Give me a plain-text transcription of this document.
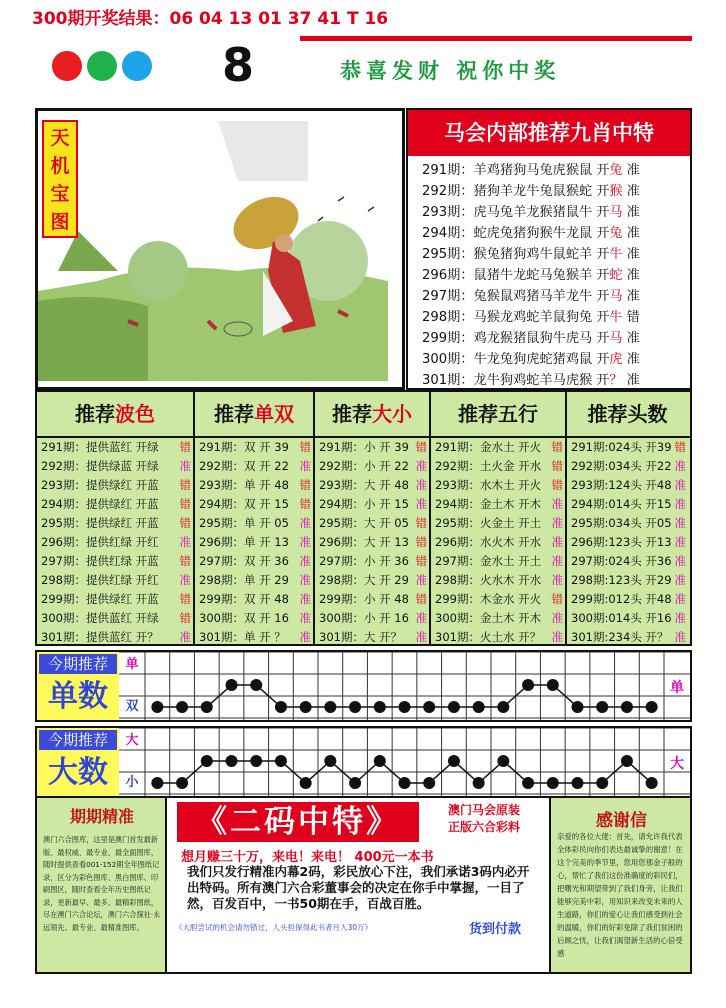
300期开奖结果：06 04 13 01 37 41 T 16
8	恭喜发财 祝你中奖
天机宝图
马会内部推荐九肖中特
291期：羊鸡猪狗马兔虎猴鼠 开兔 准
292期：猪狗羊龙牛兔鼠猴蛇 开猴 准
293期：虎马兔羊龙猴猪鼠牛 开马 准
294期：蛇虎兔猪狗猴牛龙鼠 开兔 准
295期：猴兔猪狗鸡牛鼠蛇羊 开牛 准
296期：鼠猪牛龙蛇马兔猴羊 开蛇 准
297期：兔猴鼠鸡猪马羊龙牛 开马 准
298期：马猴龙鸡蛇羊鼠狗兔 开牛 错
299期：鸡龙猴猪鼠狗牛虎马 开马 准
300期：牛龙兔狗虎蛇猪鸡鼠 开虎 准
301期：龙牛狗鸡蛇羊马虎猴 开？ 准
推荐波色
291期：提供蓝红 开绿 错
292期：提供绿蓝 开绿 准
293期：提供绿红 开蓝 错
294期：提供绿红 开蓝 错
295期：提供绿红 开蓝 错
296期：提供红绿 开红 准
297期：提供红绿 开蓝 错
298期：提供红绿 开红 准
299期：提供绿红 开蓝 错
300期：提供蓝红 开绿 错
301期：提供蓝红 开？ 准
推荐单双
291期：双 开 39 错
292期：双 开 22 准
293期：单 开 48 错
294期：双 开 15 错
295期：单 开 05 准
296期：单 开 13 准
297期：双 开 36 准
298期：单 开 29 准
299期：双 开 48 准
300期：双 开 16 准
301期：单 开 ？ 准
推荐大小
291期：小 开 39 错
292期：小 开 22 准
293期：大 开 48 准
294期：小 开 15 准
295期：大 开 05 错
296期：大 开 13 错
297期：小 开 36 错
298期：大 开 29 准
299期：小 开 48 错
300期：小 开 16 准
301期：大 开？ 准
推荐五行
291期：金水土 开火 错
292期：土火金 开水 错
293期：水木土 开火 错
294期：金土木 开木 准
295期：火金土 开土 准
296期：水火木 开水 准
297期：金水土 开土 准
298期：火水木 开水 准
299期：木金水 开火 错
300期：金土木 开木 准
301期：火土水 开？ 准
推荐头数
291期:024头 开39 错
292期:034头 开22 准
293期:124头 开48 准
294期:014头 开15 准
295期:034头 开05 准
296期:123头 开13 准
297期:024头 开36 准
298期:123头 开29 准
299期:012头 开48 准
300期:014头 开16 准
301期:234头 开？ 准
今期推荐
单数
单
双
单
今期推荐
大数
大
小
大
期期精准
澳门六合图库，这里是澳门首发最新版、最权威、最专业、最全面图库，随时提供查看001-152期全年图纸记录，区分为彩色图库、黑白图库、印刷图区，随时查看全年历史图纸记录，更新最早、最多、最精彩图纸，尽在澳门六合论坛，澳门六合探社·永远领先、最专业、最精准图库。
《二码中特》	澳门马会原装
正版六合彩料
想月赚三十万，来电！来电！ 400元一本书
我们只发行精准内幕2码，彩民放心下注，我们承诺3码内必开出特码。所有澳门六合彩董事会的决定在你手中掌握，一目了然，百发百中，一书50期在手，百战百胜。
《大胆尝试的机会请勿错过，人头担保得此书者月入30万》	货到付款
感谢信
亲爱的各位大佬：首先，请允许我代表全体彩民向你们表达最诚挚的谢意！在这个完美的季节里，您用您那金子般的心，帮忙了我们这份准确度的彩民们，把曙光和期望带到了我们身旁，让我们能够完美中彩，用知识来改变未来的人生道路，你们的爱心让我们感受到社会的温暖，你们的好彩免除了我们贫困的后顾之忧，让我们渴望新生活的心倍受感
